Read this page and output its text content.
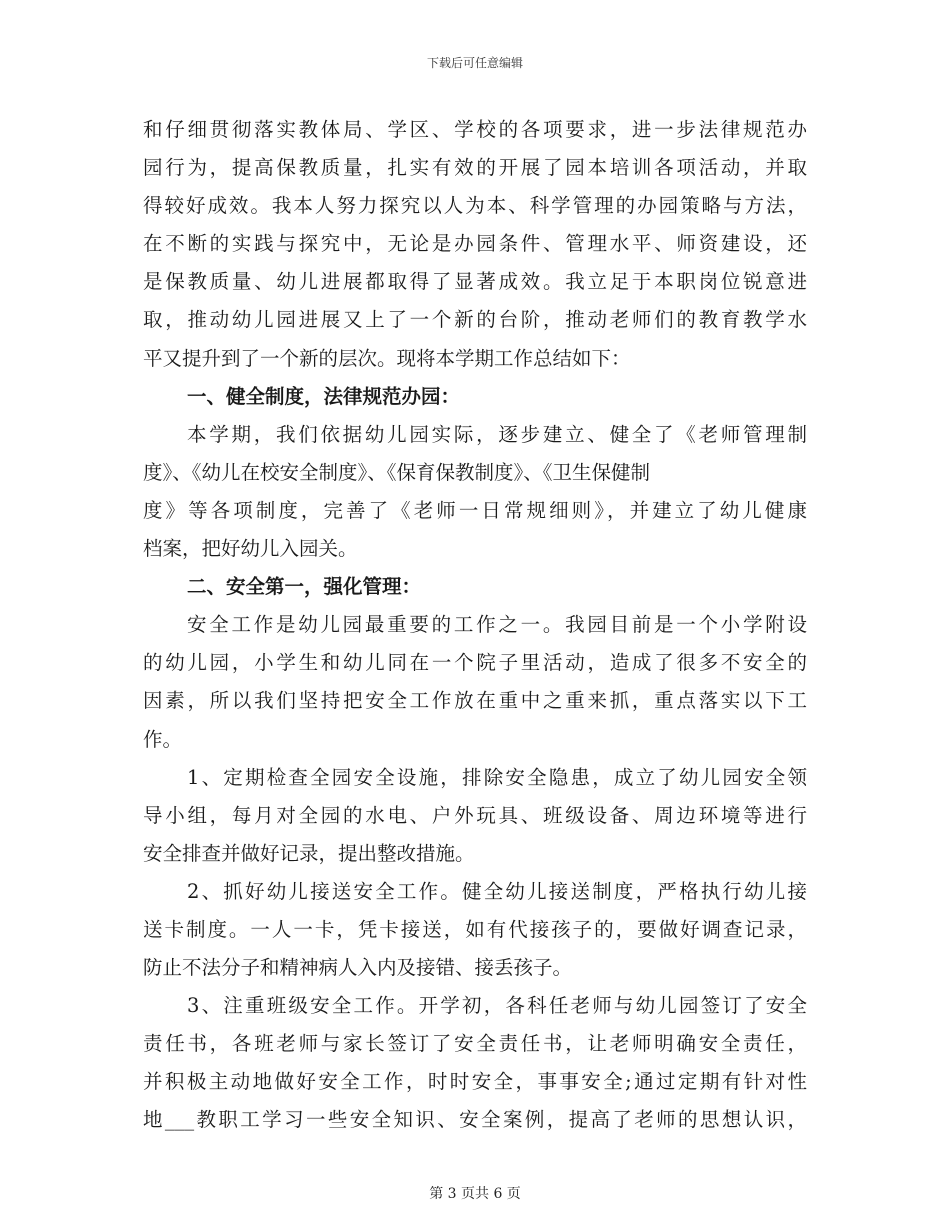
下载后可任意编辑
和仔细贯彻落实教体局、学区、学校的各项要求，进一步法律规范办
园行为，提高保教质量，扎实有效的开展了园本培训各项活动，并取
得较好成效。我本人努力探究以人为本、科学管理的办园策略与方法，
在不断的实践与探究中，无论是办园条件、管理水平、师资建设，还
是保教质量、幼儿进展都取得了显著成效。我立足于本职岗位锐意进
取，推动幼儿园进展又上了一个新的台阶，推动老师们的教育教学水
平又提升到了一个新的层次。现将本学期工作总结如下：
一、健全制度，法律规范办园：
本学期，我们依据幼儿园实际，逐步建立、健全了《老师管理制
度》、《幼儿在校安全制度》、《保育保教制度》、《卫生保健制
度》等各项制度，完善了《老师一日常规细则》，并建立了幼儿健康
档案，把好幼儿入园关。
二、安全第一，强化管理：
安全工作是幼儿园最重要的工作之一。我园目前是一个小学附设
的幼儿园，小学生和幼儿同在一个院子里活动，造成了很多不安全的
因素，所以我们坚持把安全工作放在重中之重来抓，重点落实以下工
作。
1、定期检查全园安全设施，排除安全隐患，成立了幼儿园安全领
导小组，每月对全园的水电、户外玩具、班级设备、周边环境等进行
安全排查并做好记录，提出整改措施。
2、抓好幼儿接送安全工作。健全幼儿接送制度，严格执行幼儿接
送卡制度。一人一卡，凭卡接送，如有代接孩子的，要做好调查记录，
防止不法分子和精神病人入内及接错、接丢孩子。
3、注重班级安全工作。开学初，各科任老师与幼儿园签订了安全
责任书，各班老师与家长签订了安全责任书，让老师明确安全责任，
并积极主动地做好安全工作，时时安全，事事安全;通过定期有针对性
地___教职工学习一些安全知识、安全案例，提高了老师的思想认识，
第 3 页共 6 页
